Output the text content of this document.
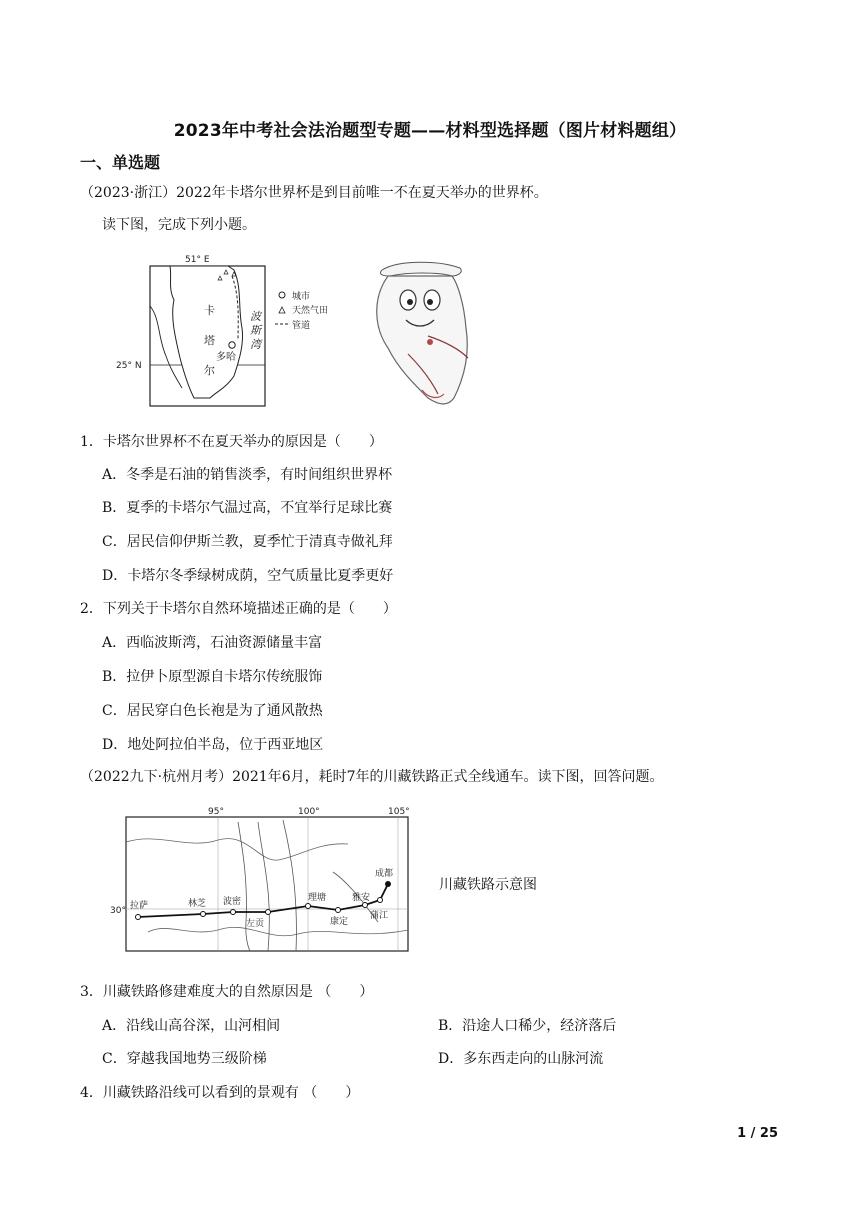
2023年中考社会法治题型专题——材料型选择题（图片材料题组）
一、单选题
（2023·浙江）2022年卡塔尔世界杯是到目前唯一不在夏天举办的世界杯。
读下图，完成下列小题。
51° E
25° N
卡
塔
尔
波
斯
湾
多哈
城市
天然气田
管道
1．卡塔尔世界杯不在夏天举办的原因是（　　）
A．冬季是石油的销售淡季，有时间组织世界杯
B．夏季的卡塔尔气温过高，不宜举行足球比赛
C．居民信仰伊斯兰教，夏季忙于清真寺做礼拜
D．卡塔尔冬季绿树成荫，空气质量比夏季更好
2．下列关于卡塔尔自然环境描述正确的是（　　）
A．西临波斯湾，石油资源储量丰富
B．拉伊卜原型源自卡塔尔传统服饰
C．居民穿白色长袍是为了通风散热
D．地处阿拉伯半岛，位于西亚地区
（2022九下·杭州月考）2021年6月，耗时7年的川藏铁路正式全线通车。读下图，回答问题。
95°	100°	105°
30° 拉萨	林芝 波密
左贡
理塘
康定
雅安
蒲江
成都
川藏铁路示意图
3．川藏铁路修建难度大的自然原因是 （　　）
A．沿线山高谷深，山河相间	B．沿途人口稀少，经济落后
C．穿越我国地势三级阶梯	D．多东西走向的山脉河流
4．川藏铁路沿线可以看到的景观有 （　　）
1 / 25
